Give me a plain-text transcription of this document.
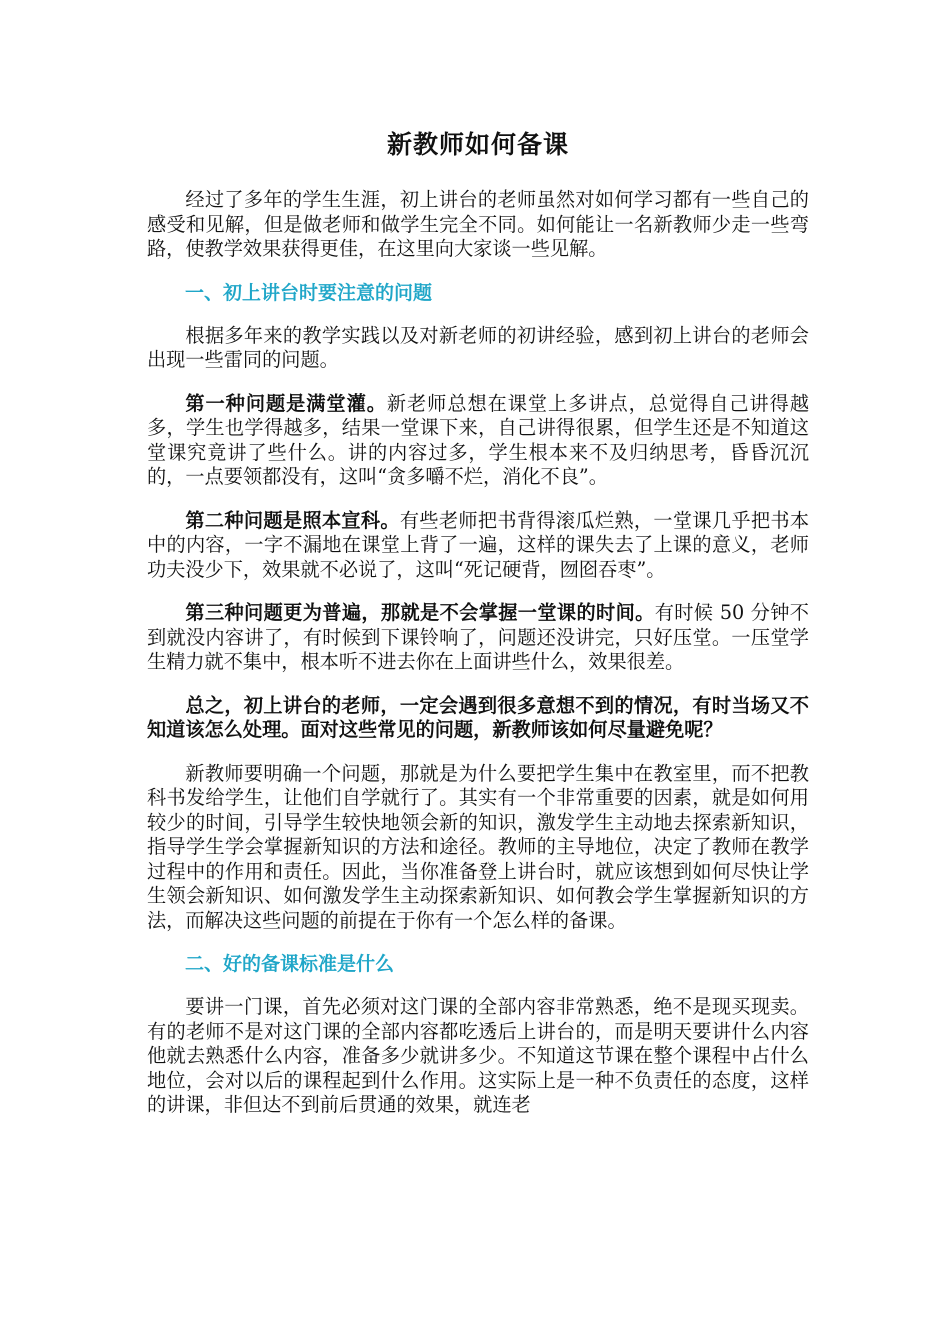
新教师如何备课

经过了多年的学生生涯，初上讲台的老师虽然对如何学习都有一些自己的感受和见解，但是做老师和做学生完全不同。如何能让一名新教师少走一些弯路，使教学效果获得更佳，在这里向大家谈一些见解。

一、初上讲台时要注意的问题

根据多年来的教学实践以及对新老师的初讲经验，感到初上讲台的老师会出现一些雷同的问题。

第一种问题是满堂灌。新老师总想在课堂上多讲点，总觉得自己讲得越多，学生也学得越多，结果一堂课下来，自己讲得很累，但学生还是不知道这堂课究竟讲了些什么。讲的内容过多，学生根本来不及归纳思考，昏昏沉沉的，一点要领都没有，这叫“贪多嚼不烂，消化不良”。

第二种问题是照本宣科。有些老师把书背得滚瓜烂熟，一堂课几乎把书本中的内容，一字不漏地在课堂上背了一遍，这样的课失去了上课的意义，老师功夫没少下，效果就不必说了，这叫“死记硬背，囫囵吞枣”。

第三种问题更为普遍，那就是不会掌握一堂课的时间。有时候 50 分钟不到就没内容讲了，有时候到下课铃响了，问题还没讲完，只好压堂。一压堂学生精力就不集中，根本听不进去你在上面讲些什么，效果很差。

总之，初上讲台的老师，一定会遇到很多意想不到的情况，有时当场又不知道该怎么处理。面对这些常见的问题，新教师该如何尽量避免呢？

新教师要明确一个问题，那就是为什么要把学生集中在教室里，而不把教科书发给学生，让他们自学就行了。其实有一个非常重要的因素，就是如何用较少的时间，引导学生较快地领会新的知识，激发学生主动地去探索新知识，指导学生学会掌握新知识的方法和途径。教师的主导地位，决定了教师在教学过程中的作用和责任。因此，当你准备登上讲台时，就应该想到如何尽快让学生领会新知识、如何激发学生主动探索新知识、如何教会学生掌握新知识的方法，而解决这些问题的前提在于你有一个怎么样的备课。

二、好的备课标准是什么

要讲一门课，首先必须对这门课的全部内容非常熟悉，绝不是现买现卖。有的老师不是对这门课的全部内容都吃透后上讲台的，而是明天要讲什么内容他就去熟悉什么内容，准备多少就讲多少。不知道这节课在整个课程中占什么地位，会对以后的课程起到什么作用。这实际上是一种不负责任的态度，这样的讲课，非但达不到前后贯通的效果，就连老
